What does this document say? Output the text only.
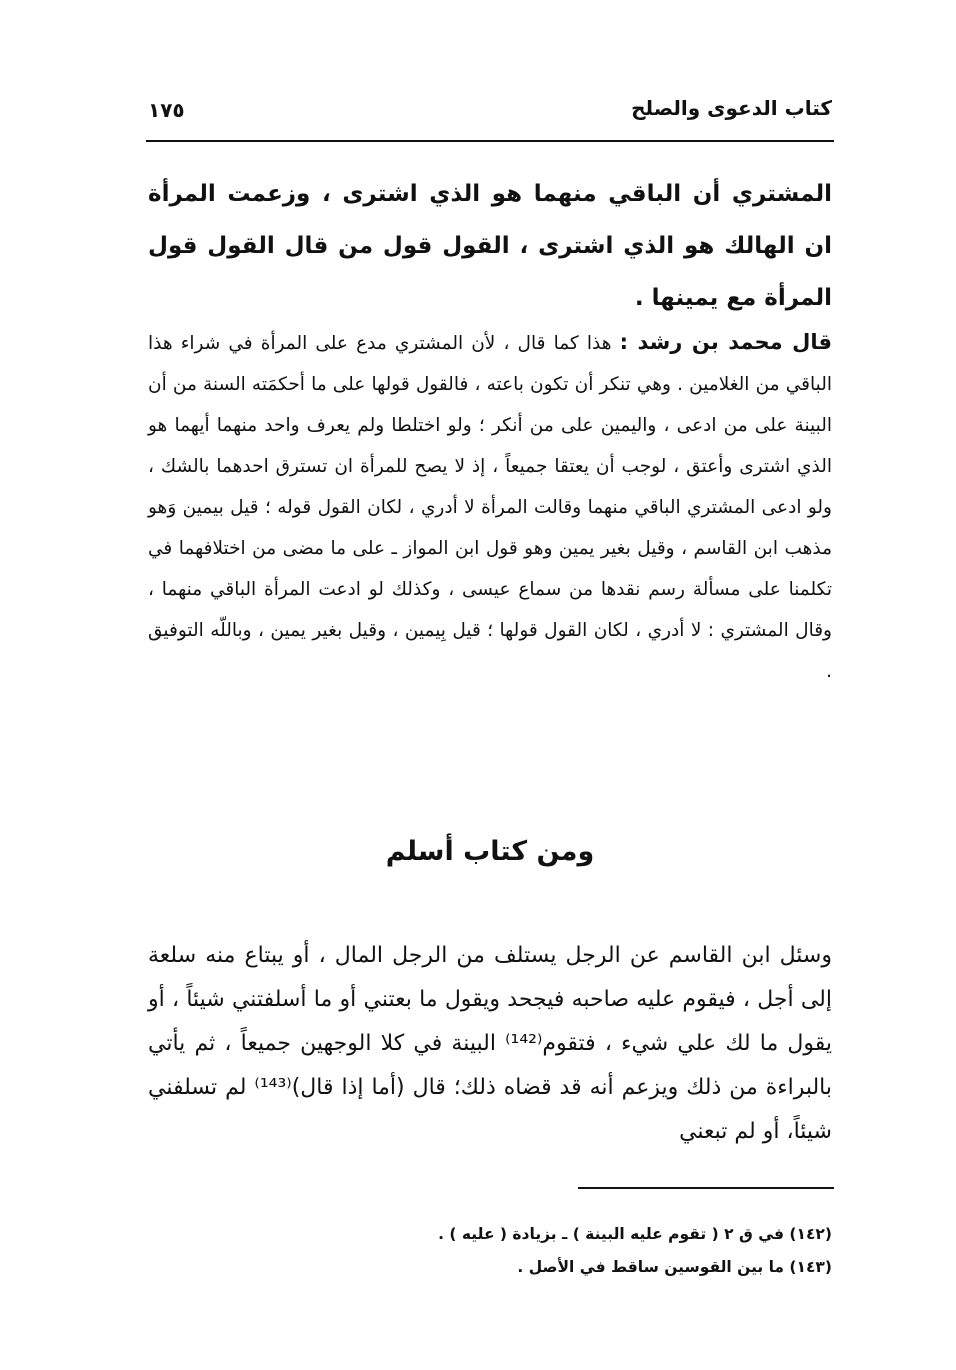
كتاب الدعوى والصلح
١٧٥

المشتري أن الباقي منهما هو الذي اشترى ، وزعمت المرأة ان الهالك هو الذي اشترى ، القول قول من قال القول قول المرأة مع يمينها .

قال محمد بن رشد : هذا كما قال ، لأن المشتري مدع على المرأة في شراء هذا الباقي من الغلامين . وهي تنكر أن تكون باعته ، فالقول قولها على ما أحكمَته السنة من أن البينة على من ادعى ، واليمين على من أنكر ؛ ولو اختلطا ولم يعرف واحد منهما أيهما هو الذي اشترى وأعتق ، لوجب أن يعتقا جميعاً ، إذ لا يصح للمرأة ان تسترق احدهما بالشك ، ولو ادعى المشتري الباقي منهما وقالت المرأة لا أدري ، لكان القول قوله ؛ قيل بيمين وَهو مذهب ابن القاسم ، وقيل بغير يمين وهو قول ابن المواز ـ على ما مضى من اختلافهما في تكلمنا على مسألة رسم نقدها من سماع عيسى ، وكذلك لو ادعت المرأة الباقي منهما ، وقال المشتري : لا أدري ، لكان القول قولها ؛ قيل بِيمين ، وقيل بغير يمين ، وباللّه التوفيق .

ومن كتاب أسلم

وسئل ابن القاسم عن الرجل يستلف من الرجل المال ، أو يبتاع منه سلعة إلى أجل ، فيقوم عليه صاحبه فيجحد ويقول ما بعتني أو ما أسلفتني شيئاً ، أو يقول ما لك علي شيء ، فتقوم⁽¹⁴²⁾ البينة في كلا الوجهين جميعاً ، ثم يأتي بالبراءة من ذلك ويزعم أنه قد قضاه ذلك؛ قال (أما إذا قال)⁽¹⁴³⁾ لم تسلفني شيئاً، أو لم تبعني

(١٤٢) في ق ٢ ( تقوم عليه البينة ) ـ بزيادة ( عليه ) .
(١٤٣) ما بين القوسين ساقط في الأصل .
